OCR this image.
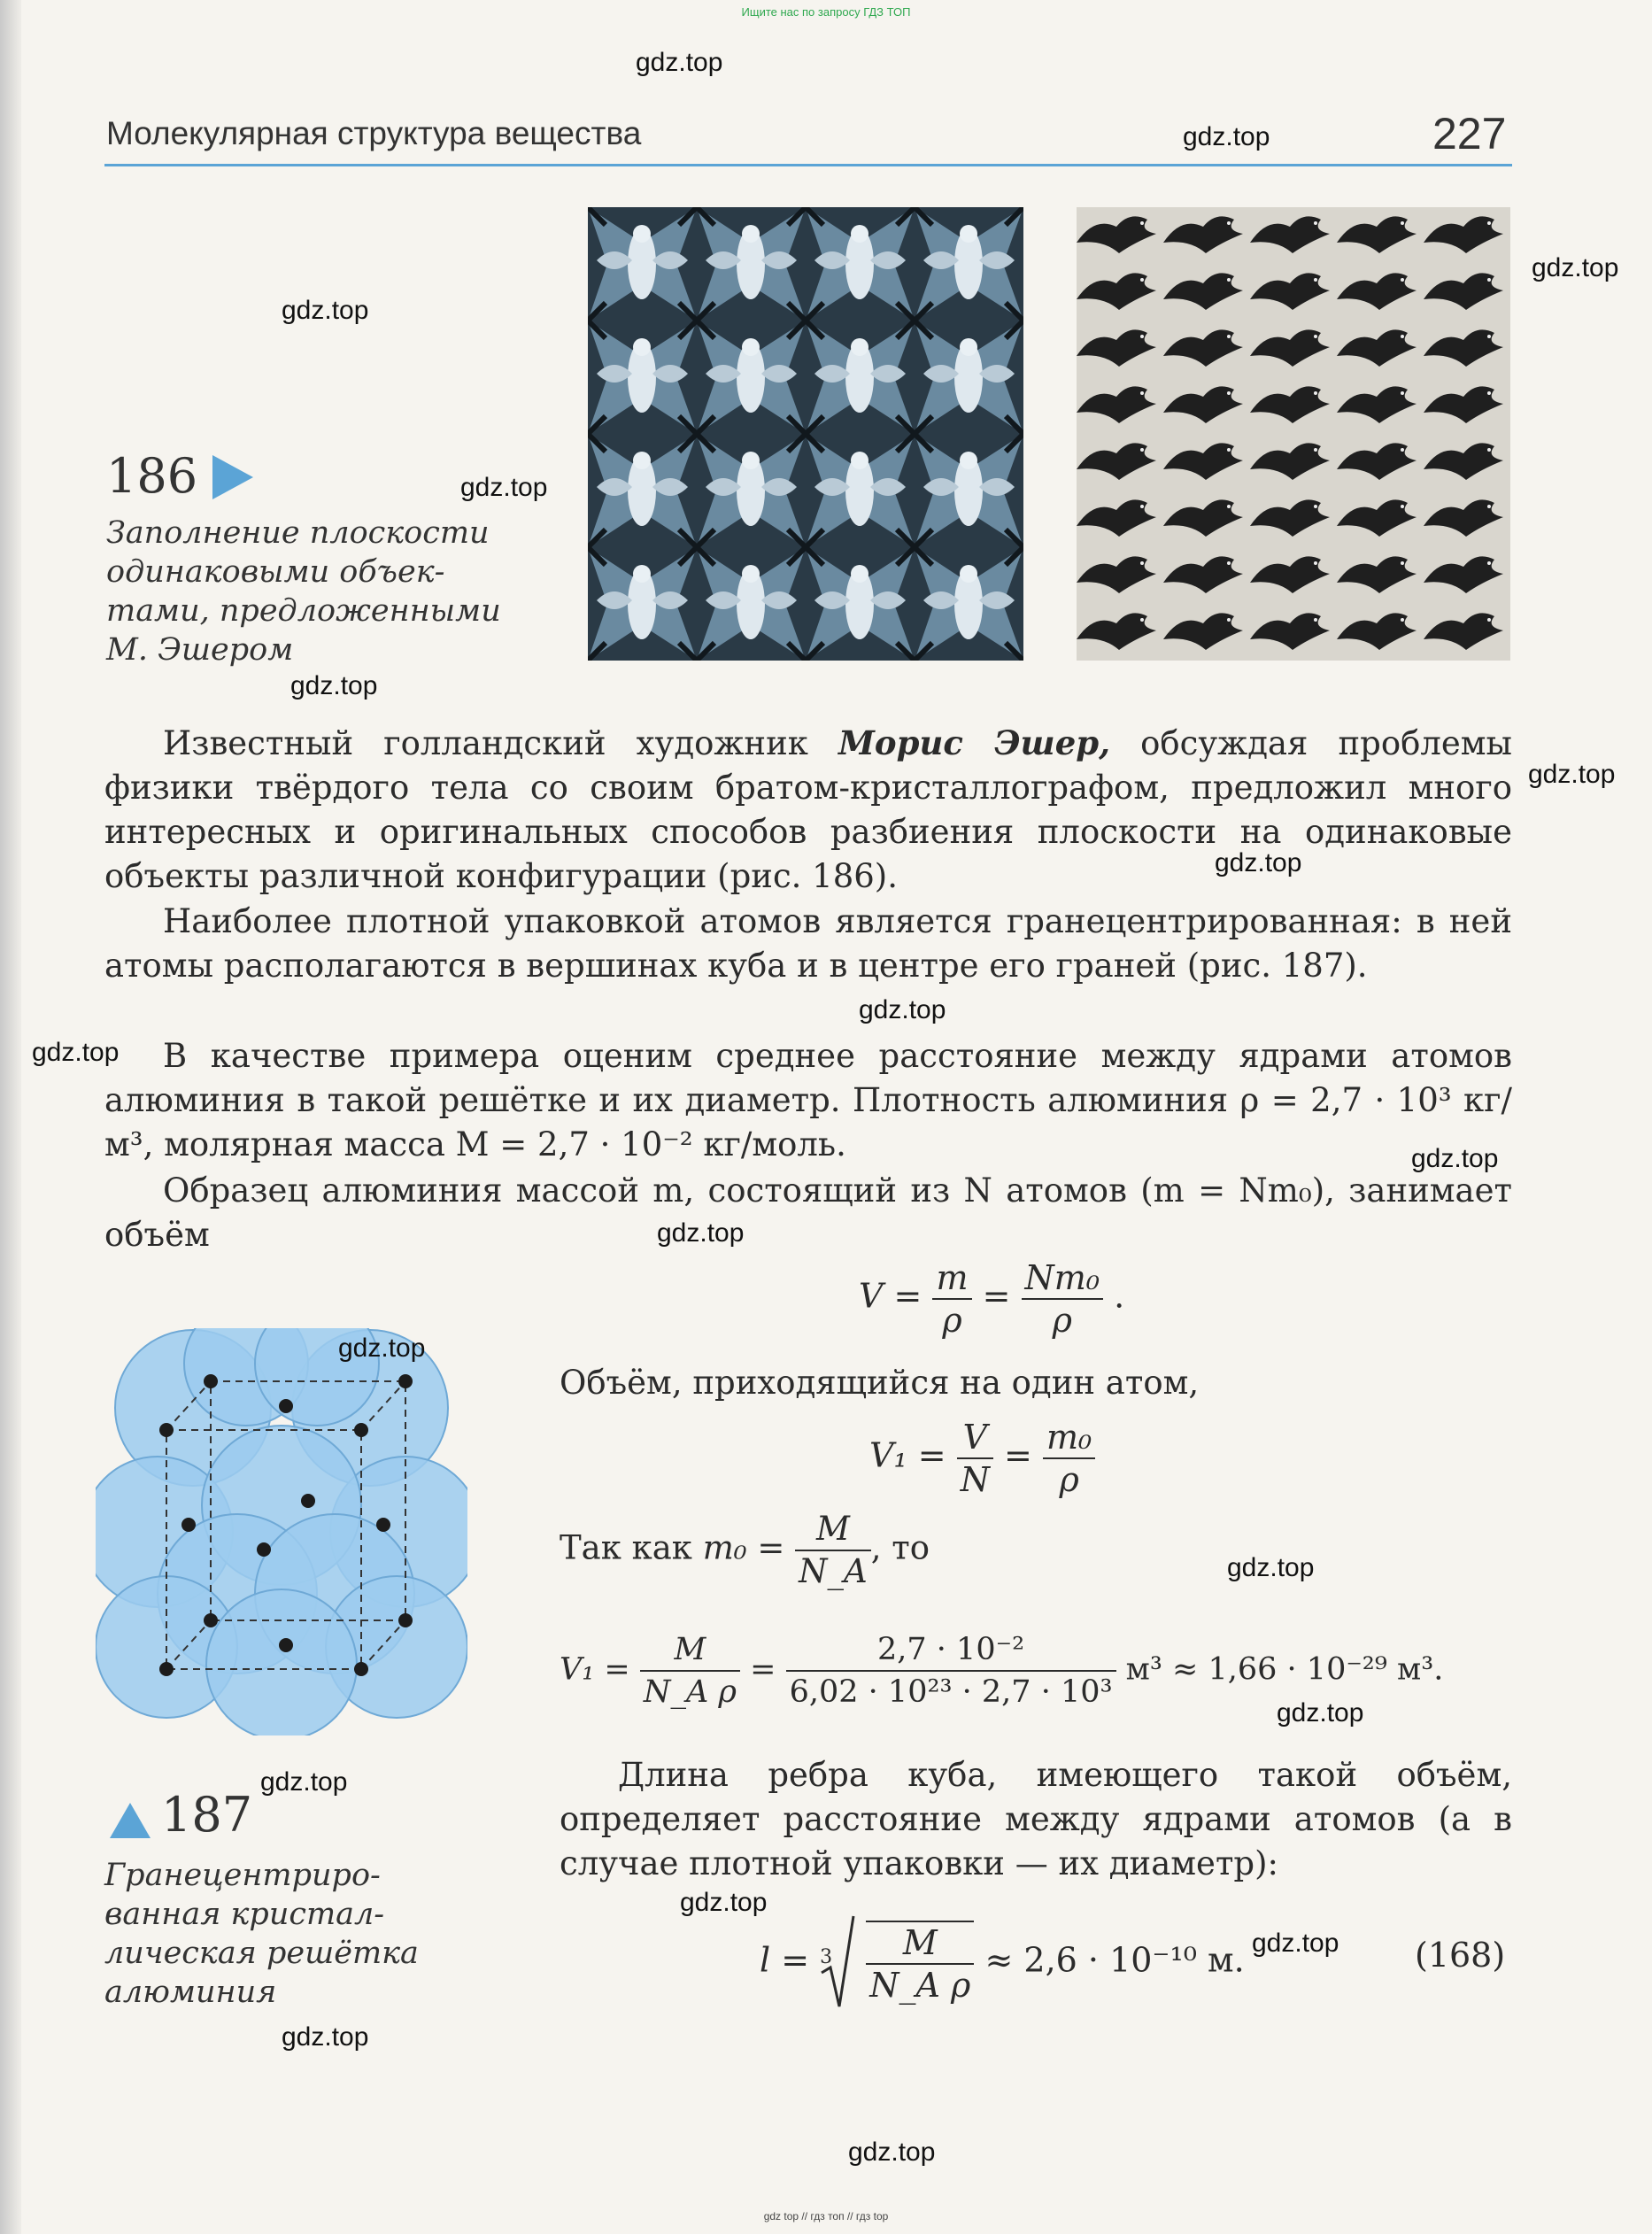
Ищите нас по запросу ГДЗ ТОП
Молекулярная структура вещества	227
186
Заполнение плоскости одинаковыми объек-тами, предложенными М. Эшером
Известный голландский художник Морис Эшер, обсуждая проблемы физики твёрдого тела со своим братом-кристаллографом, предложил много интересных и оригинальных способов разбиения плоскости на одинаковые объекты различной конфигурации (рис. 186).
Наиболее плотной упаковкой атомов является гранецентрированная: в ней атомы располагаются в вершинах куба и в центре его граней (рис. 187).
В качестве примера оценим среднее расстояние между ядрами атомов алюминия в такой решётке и их диаметр. Плотность алюминия ρ = 2,7 · 10³ кг/м³, молярная масса M = 2,7 · 10⁻² кг/моль.
Образец алюминия массой m, состоящий из N атомов (m = Nm₀), занимает объём
$V = \frac{m}{\rho} = \frac{\text{Nm₀}}{\rho}$ .
187
Гранецентриро-ванная кристал-лическая решётка алюминия
Объём, приходящийся на один атом,
$V_1 = \frac{V}{N} = \frac{\text{m₀}}{\rho}$
Так как $m_0 = \frac{M}{N\_A}$ , то
$V_1 = \frac{M}{\text{N\_A ρ}} = \frac{\text{2,7 · 10⁻²}}{\text{6,02 · 10²³ · 2,7 · 10³}} м^3 \approx 1,66 \cdot 10^{-29}$ м³.
Длина ребра куба, имеющего такой объём, определяет расстояние между ядрами атомов (а в случае плотной упаковки — их диаметр):
l = 3
$\frac{M}{\text{N\_A ρ}} \approx 2,6 \cdot 10^{-10}$ м.	(168)
gdz.top
gdz.top
gdz.top
gdz.top
gdz.top
gdz.top
gdz.top
gdz.top
gdz.top
gdz.top
gdz.top
gdz.top
gdz.top
gdz.top
gdz.top
gdz.top
gdz.top
gdz.top
gdz.top
gdz.top
gdz top // гдз топ // гдз top
